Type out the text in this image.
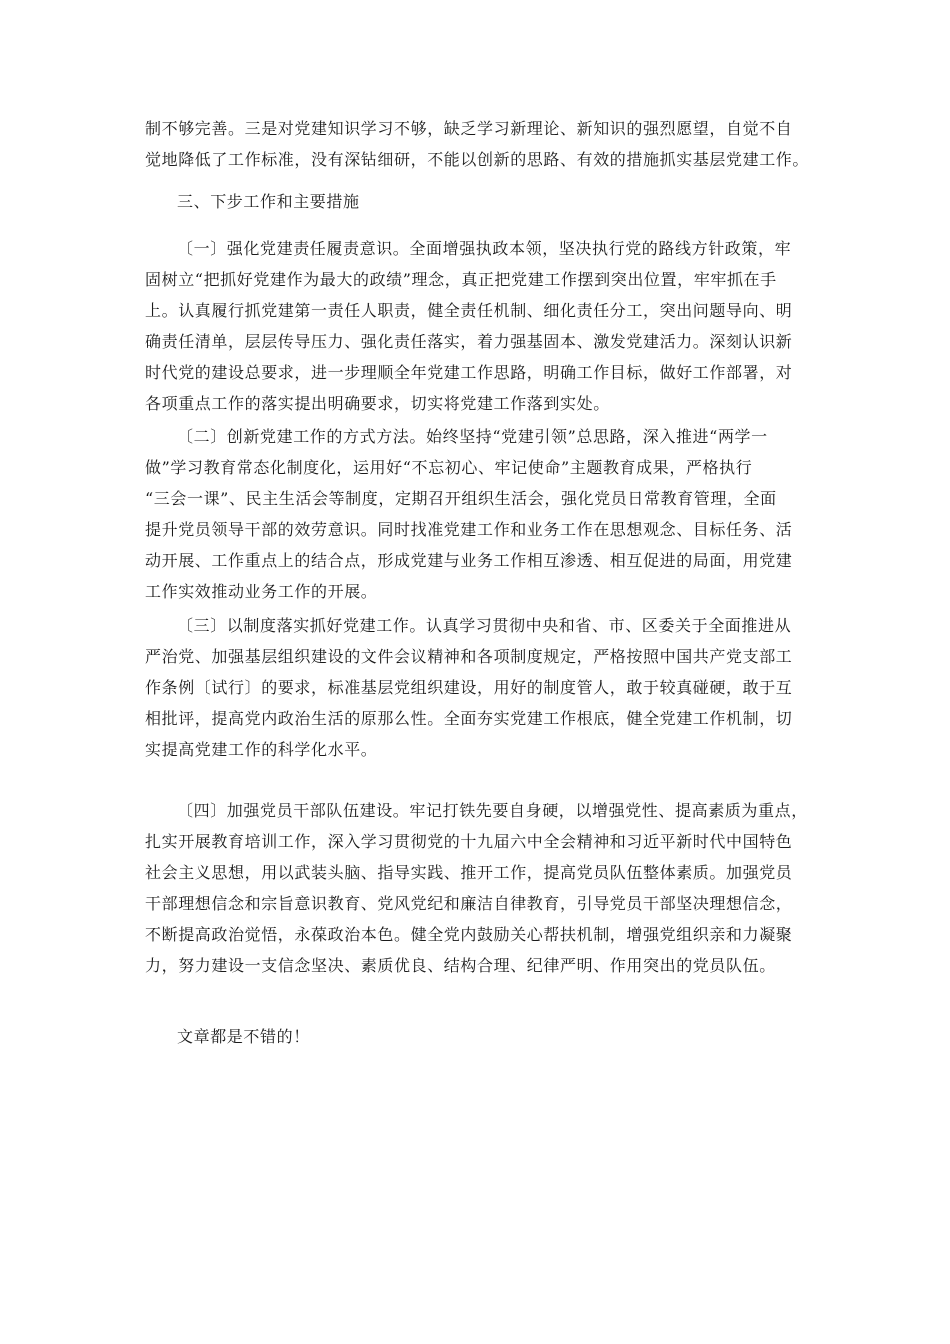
制不够完善。三是对党建知识学习不够，缺乏学习新理论、新知识的强烈愿望，自觉不自
觉地降低了工作标准，没有深钻细研，不能以创新的思路、有效的措施抓实基层党建工作。
三、下步工作和主要措施
〔一〕强化党建责任履责意识。全面增强执政本领，坚决执行党的路线方针政策，牢
固树立“把抓好党建作为最大的政绩”理念，真正把党建工作摆到突出位置，牢牢抓在手
上。认真履行抓党建第一责任人职责，健全责任机制、细化责任分工，突出问题导向、明
确责任清单，层层传导压力、强化责任落实，着力强基固本、激发党建活力。深刻认识新
时代党的建设总要求，进一步理顺全年党建工作思路，明确工作目标，做好工作部署，对
各项重点工作的落实提出明确要求，切实将党建工作落到实处。
〔二〕创新党建工作的方式方法。始终坚持“党建引领”总思路，深入推进“两学一
做”学习教育常态化制度化，运用好“不忘初心、牢记使命”主题教育成果，严格执行
“三会一课”、民主生活会等制度，定期召开组织生活会，强化党员日常教育管理，全面
提升党员领导干部的效劳意识。同时找准党建工作和业务工作在思想观念、目标任务、活
动开展、工作重点上的结合点，形成党建与业务工作相互渗透、相互促进的局面，用党建
工作实效推动业务工作的开展。
〔三〕以制度落实抓好党建工作。认真学习贯彻中央和省、市、区委关于全面推进从
严治党、加强基层组织建设的文件会议精神和各项制度规定，严格按照中国共产党支部工
作条例〔试行〕的要求，标准基层党组织建设，用好的制度管人，敢于较真碰硬，敢于互
相批评，提高党内政治生活的原那么性。全面夯实党建工作根底，健全党建工作机制，切
实提高党建工作的科学化水平。
〔四〕加强党员干部队伍建设。牢记打铁先要自身硬，以增强党性、提高素质为重点，
扎实开展教育培训工作，深入学习贯彻党的十九届六中全会精神和习近平新时代中国特色
社会主义思想，用以武装头脑、指导实践、推开工作，提高党员队伍整体素质。加强党员
干部理想信念和宗旨意识教育、党风党纪和廉洁自律教育，引导党员干部坚决理想信念，
不断提高政治觉悟，永葆政治本色。健全党内鼓励关心帮扶机制，增强党组织亲和力凝聚
力，努力建设一支信念坚决、素质优良、结构合理、纪律严明、作用突出的党员队伍。
文章都是不错的！
